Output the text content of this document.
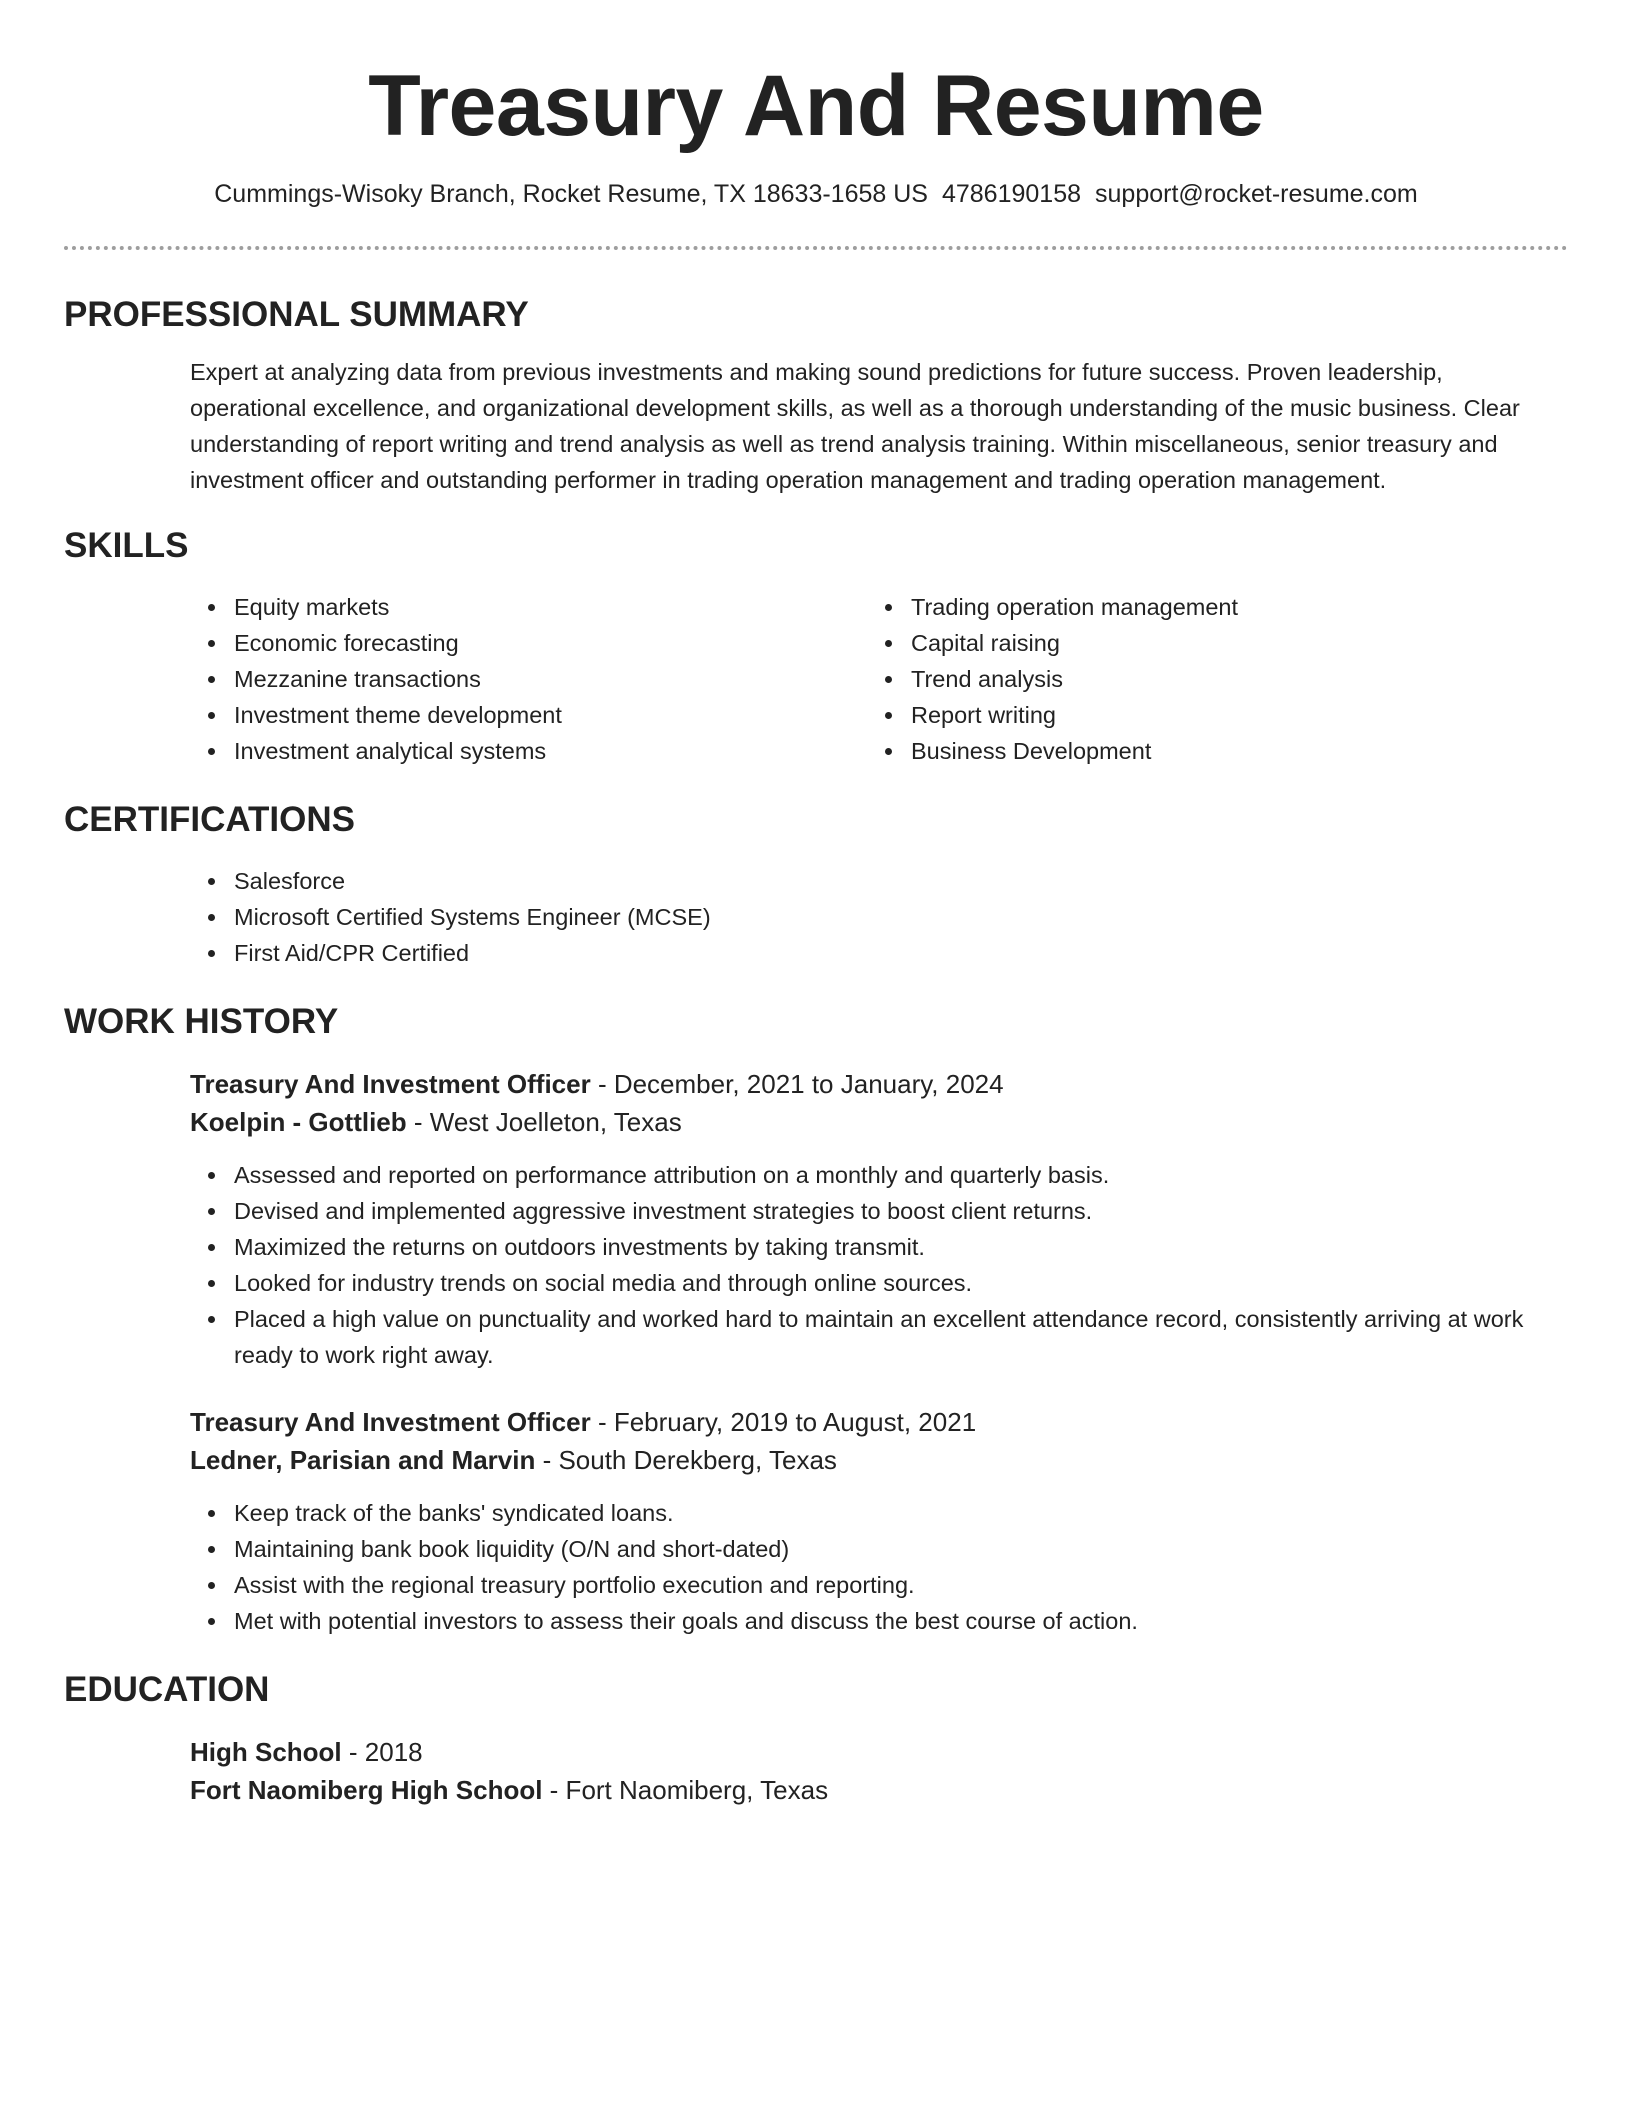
Treasury And Resume
Cummings-Wisoky Branch, Rocket Resume, TX 18633-1658 US 4786190158 support@rocket-resume.com
PROFESSIONAL SUMMARY

Expert at analyzing data from previous investments and making sound predictions for future success. Proven leadership, operational excellence, and organizational development skills, as well as a thorough understanding of the music business. Clear understanding of report writing and trend analysis as well as trend analysis training. Within miscellaneous, senior treasury and investment officer and outstanding performer in trading operation management and trading operation management.

SKILLS
Equity markets
Economic forecasting
Mezzanine transactions
Investment theme development
Investment analytical systems
Trading operation management
Capital raising
Trend analysis
Report writing
Business Development
CERTIFICATIONS
Salesforce
Microsoft Certified Systems Engineer (MCSE)
First Aid/CPR Certified
WORK HISTORY
Treasury And Investment Officer - December, 2021 to January, 2024
Koelpin - Gottlieb - West Joelleton, Texas
Assessed and reported on performance attribution on a monthly and quarterly basis.
Devised and implemented aggressive investment strategies to boost client returns.
Maximized the returns on outdoors investments by taking transmit.
Looked for industry trends on social media and through online sources.
Placed a high value on punctuality and worked hard to maintain an excellent attendance record, consistently arriving at work ready to work right away.
Treasury And Investment Officer - February, 2019 to August, 2021
Ledner, Parisian and Marvin - South Derekberg, Texas
Keep track of the banks' syndicated loans.
Maintaining bank book liquidity (O/N and short-dated)
Assist with the regional treasury portfolio execution and reporting.
Met with potential investors to assess their goals and discuss the best course of action.
EDUCATION
High School - 2018
Fort Naomiberg High School - Fort Naomiberg, Texas
